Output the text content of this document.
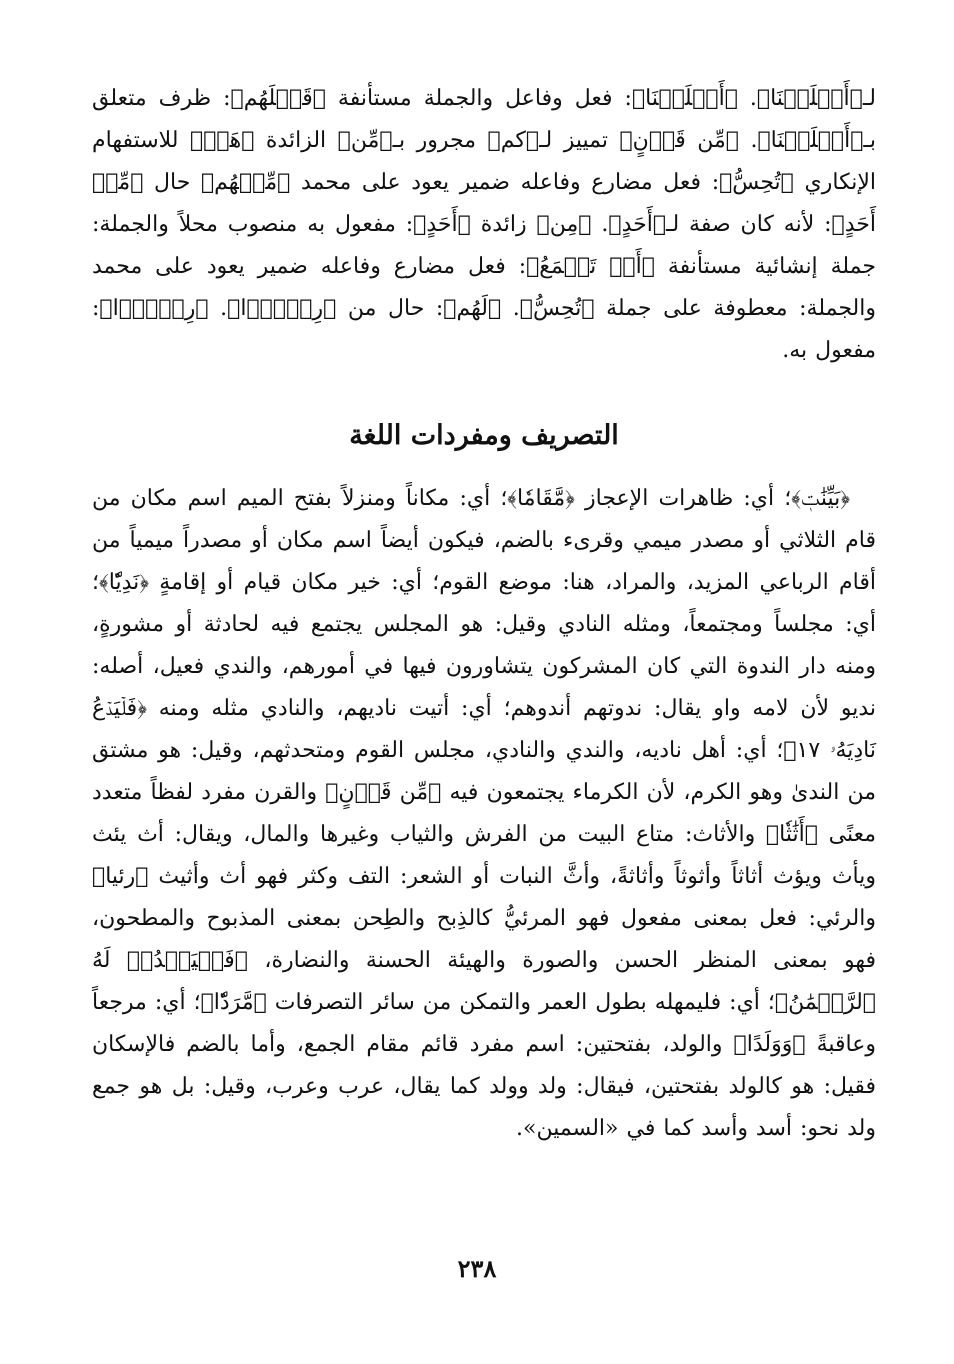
لـ﴿أَهۡلَكۡنَا﴾. ﴿أَهۡلَكۡنَا﴾: فعل وفاعل والجملة مستأنفة ﴿قَبۡلَهُم﴾: ظرف متعلق بـ﴿أَهۡلَكۡنَا﴾. ﴿مِّن قَرۡنٍ﴾ تمييز لـ﴿كم﴾ مجرور بـ﴿مِّن﴾ الزائدة ﴿هَلۡ﴾ للاستفهام الإنكاري ﴿تُحِسُّ﴾: فعل مضارع وفاعله ضمير يعود على محمد ﴿مِّنۡهُم﴾ حال ﴿مِّنۡ أَحَدٍ﴾: لأنه كان صفة لـ﴿أَحَدٍ﴾. ﴿مِن﴾ زائدة ﴿أَحَدٍ﴾: مفعول به منصوب محلاً والجملة: جملة إنشائية مستأنفة ﴿أَوۡ تَسۡمَعُ﴾: فعل مضارع وفاعله ضمير يعود على محمد والجملة: معطوفة على جملة ﴿تُحِسُّ﴾. ﴿لَهُم﴾: حال من ﴿رِكۡزَۢا﴾. ﴿رِكۡزَۢا﴾: مفعول به.

التصريف ومفردات اللغة

﴿بَيِّنَٰتٖ﴾؛ أي: ظاهرات الإعجاز ﴿مَّقَامٗا﴾؛ أي: مكاناً ومنزلاً بفتح الميم اسم مكان من قام الثلاثي أو مصدر ميمي وقرىء بالضم، فيكون أيضاً اسم مكان أو مصدراً ميمياً من أقام الرباعي المزيد، والمراد، هنا: موضع القوم؛ أي: خير مكان قيام أو إقامةٍ ﴿نَدِيّٗا﴾؛ أي: مجلساً ومجتمعاً، ومثله النادي وقيل: هو المجلس يجتمع فيه لحادثة أو مشورةٍ، ومنه دار الندوة التي كان المشركون يتشاورون فيها في أمورهم، والندي فعيل، أصله: نديو لأن لامه واو يقال: ندوتهم أندوهم؛ أي: أتيت ناديهم، والنادي مثله ومنه ﴿فَلۡيَدۡعُ نَادِيَهُۥ ١٧﴾؛ أي: أهل ناديه، والندي والنادي، مجلس القوم ومتحدثهم، وقيل: هو مشتق من الندىٰ وهو الكرم، لأن الكرماء يجتمعون فيه ﴿مِّن قَرۡنٍ﴾ والقرن مفرد لفظاً متعدد معنًى ﴿أَثَٰثٗا﴾ والأثاث: متاع البيت من الفرش والثياب وغيرها والمال، ويقال: أث يئث ويأث ويؤث أثاثاً وأثوثاً وأثاثةً، وأثَّ النبات أو الشعر: التف وكثر فهو أث وأثيث ﴿رئيا﴾ والرئي: فعل بمعنى مفعول فهو المرئيُّ كالذِبح والطِحن بمعنى المذبوح والمطحون، فهو بمعنى المنظر الحسن والصورة والهيئة الحسنة والنضارة، ﴿فَلۡيَمۡدُدۡ لَهُ ٱلرَّحۡمَٰنُ﴾؛ أي: فليمهله بطول العمر والتمكن من سائر التصرفات ﴿مَّرَدّٗا﴾؛ أي: مرجعاً وعاقبةً ﴿وَوَلَدًا﴾ والولد، بفتحتين: اسم مفرد قائم مقام الجمع، وأما بالضم فالإسكان فقيل: هو كالولد بفتحتين، فيقال: ولد وولد كما يقال، عرب وعرب، وقيل: بل هو جمع ولد نحو: أسد وأسد كما في «السمين».

٢٣٨
